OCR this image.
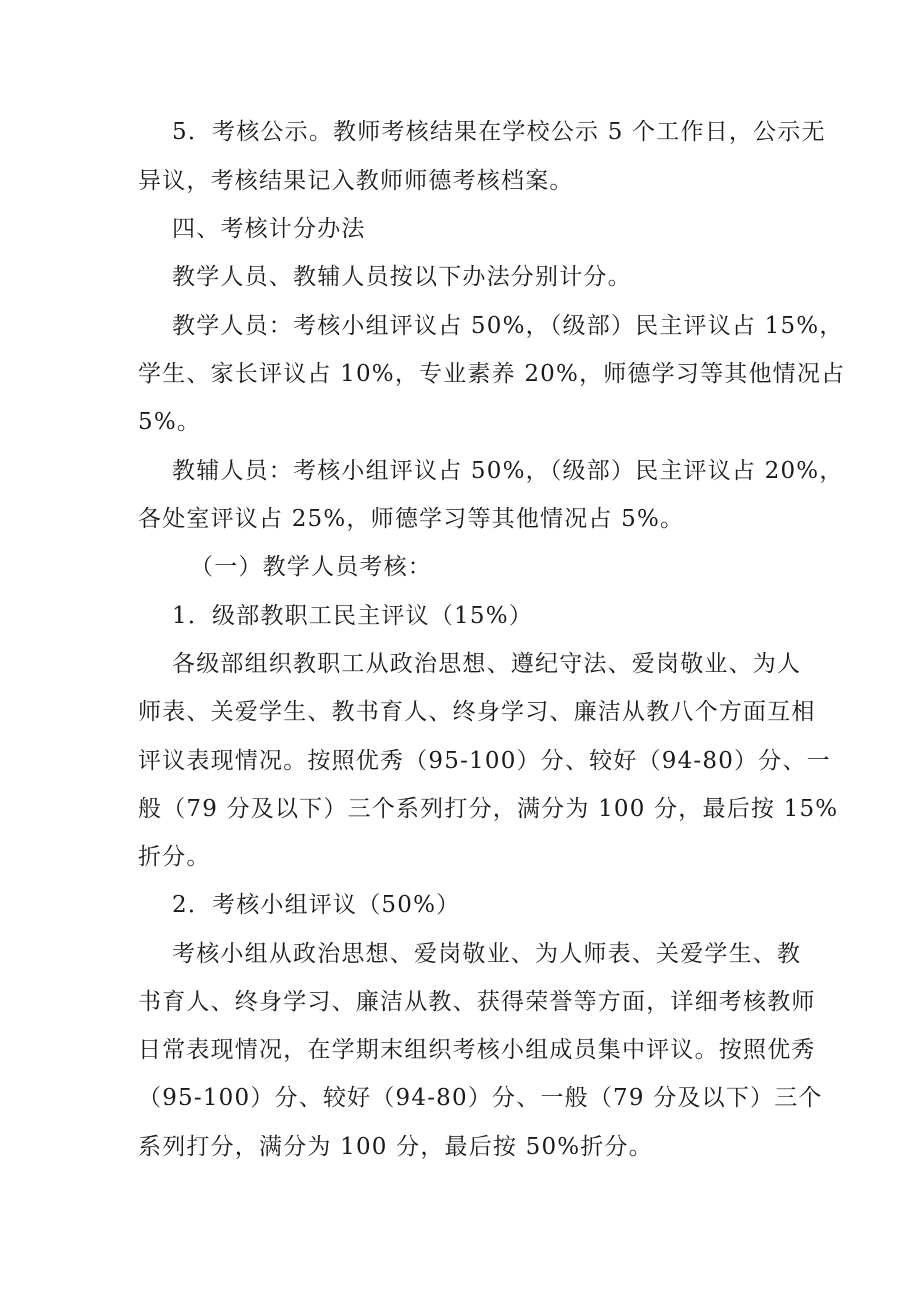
5．考核公示。教师考核结果在学校公示 5 个工作日，公示无
异议，考核结果记入教师师德考核档案。
四、考核计分办法
教学人员、教辅人员按以下办法分别计分。
教学人员：考核小组评议占 50%，（级部）民主评议占 15%，
学生、家长评议占 10%，专业素养 20%，师德学习等其他情况占
5%。
教辅人员：考核小组评议占 50%，（级部）民主评议占 20%，
各处室评议占 25%，师德学习等其他情况占 5%。
（一）教学人员考核：
1．级部教职工民主评议（15%）
各级部组织教职工从政治思想、遵纪守法、爱岗敬业、为人
师表、关爱学生、教书育人、终身学习、廉洁从教八个方面互相
评议表现情况。按照优秀（95-100）分、较好（94-80）分、一
般（79 分及以下）三个系列打分，满分为 100 分，最后按 15%
折分。
2．考核小组评议（50%）
考核小组从政治思想、爱岗敬业、为人师表、关爱学生、教
书育人、终身学习、廉洁从教、获得荣誉等方面，详细考核教师
日常表现情况，在学期末组织考核小组成员集中评议。按照优秀
（95-100）分、较好（94-80）分、一般（79 分及以下）三个
系列打分，满分为 100 分，最后按 50%折分。
